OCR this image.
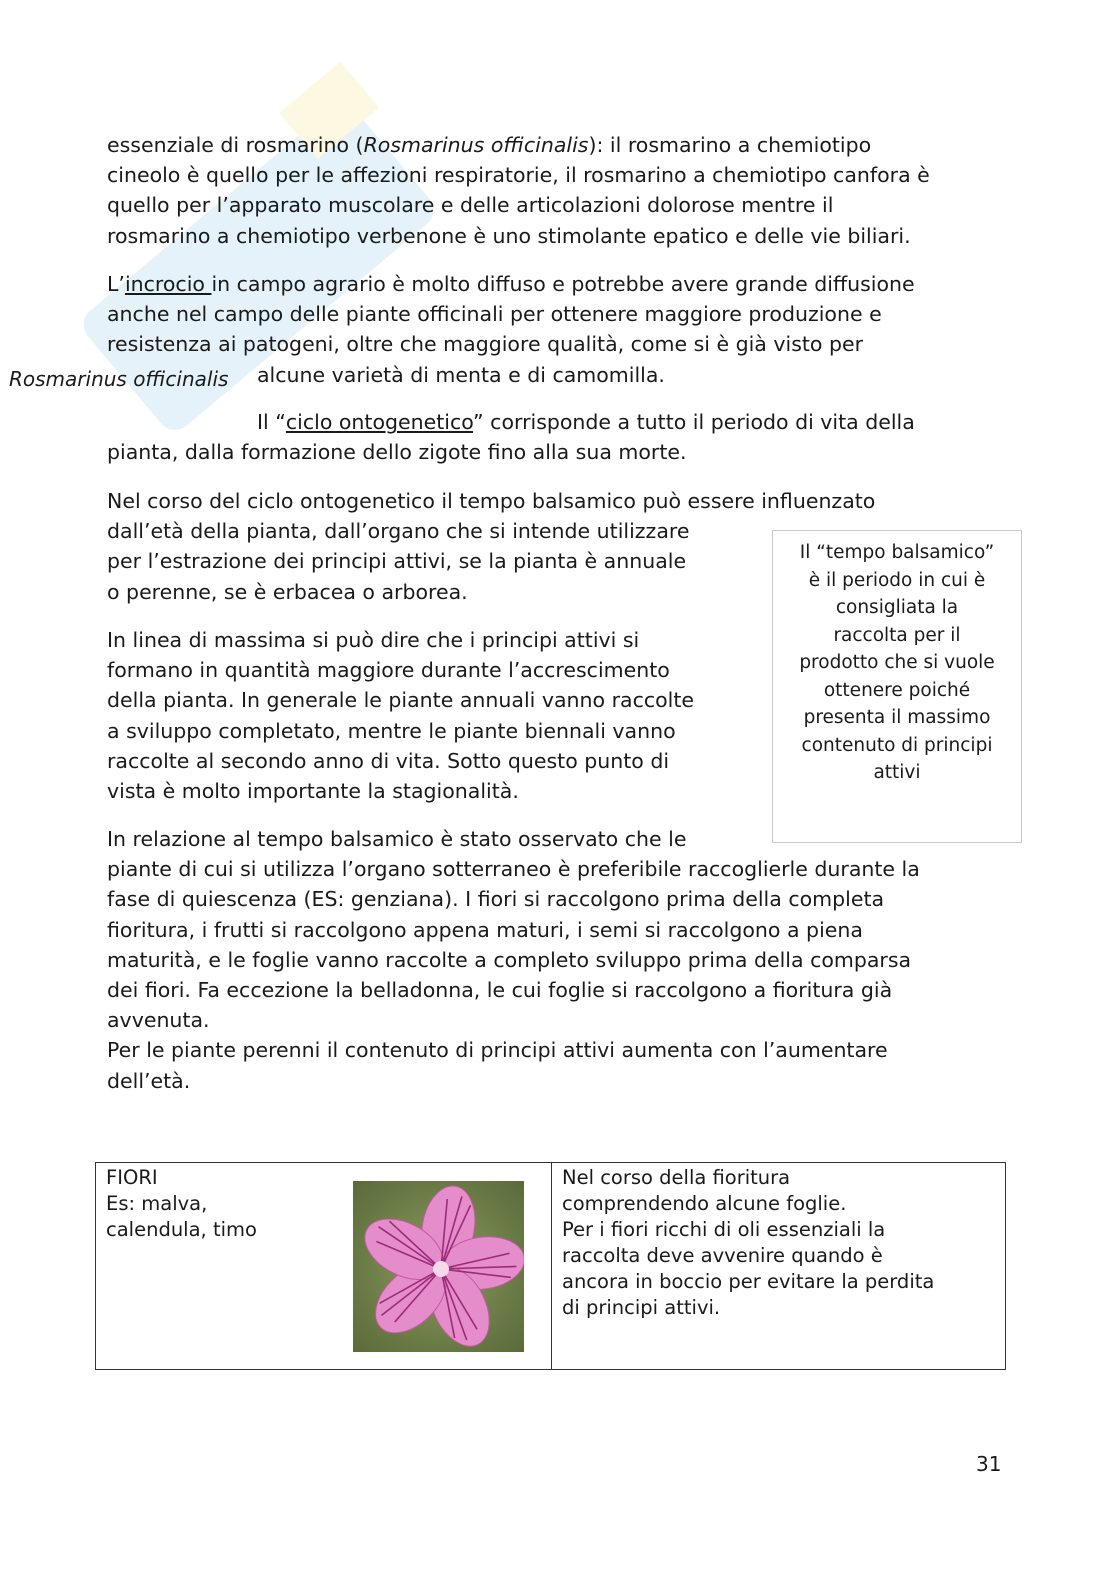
essenziale di rosmarino (Rosmarinus officinalis): il rosmarino a chemiotipo

cineolo è quello per le affezioni respiratorie, il rosmarino a chemiotipo canfora è

quello per l’apparato muscolare e delle articolazioni dolorose mentre il

rosmarino a chemiotipo verbenone è uno stimolante epatico e delle vie biliari.

L’incrocio in campo agrario è molto diffuso e potrebbe avere grande diffusione

anche nel campo delle piante officinali per ottenere maggiore produzione e

resistenza ai patogeni, oltre che maggiore qualità, come si è già visto per

alcune varietà di menta e di camomilla.

Rosmarinus officinalis

Il “ciclo ontogenetico” corrisponde a tutto il periodo di vita della

pianta, dalla formazione dello zigote fino alla sua morte.

Nel corso del ciclo ontogenetico il tempo balsamico può essere influenzato

dall’età della pianta, dall’organo che si intende utilizzare

per l’estrazione dei principi attivi, se la pianta è annuale

o perenne, se è erbacea o arborea.

Il “tempo balsamico”
è il periodo in cui è
consigliata la
raccolta per il
prodotto che si vuole
ottenere poiché
presenta il massimo
contenuto di principi
attivi

In linea di massima si può dire che i principi attivi si

formano in quantità maggiore durante l’accrescimento

della pianta. In generale le piante annuali vanno raccolte

a sviluppo completato, mentre le piante biennali vanno

raccolte al secondo anno di vita. Sotto questo punto di

vista è molto importante la stagionalità.

In relazione al tempo balsamico è stato osservato che le

piante di cui si utilizza l’organo sotterraneo è preferibile raccoglierle durante la

fase di quiescenza (ES: genziana). I fiori si raccolgono prima della completa

fioritura, i frutti si raccolgono appena maturi, i semi si raccolgono a piena

maturità, e le foglie vanno raccolte a completo sviluppo prima della comparsa

dei fiori. Fa eccezione la belladonna, le cui foglie si raccolgono a fioritura già

avvenuta.

Per le piante perenni il contenuto di principi attivi aumenta con l’aumentare

dell’età.

FIORI
Es: malva,
calendula, timo

Nel corso della fioritura
comprendendo alcune foglie.
Per i fiori ricchi di oli essenziali la
raccolta deve avvenire quando è
ancora in boccio per evitare la perdita
di principi attivi.
31
